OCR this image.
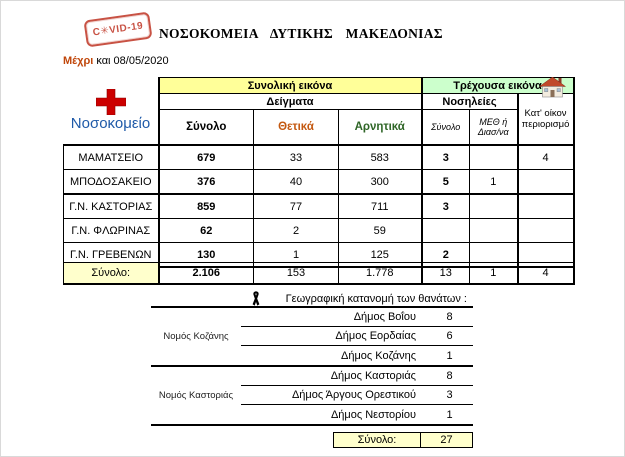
C✳VID-19 ΝΟΣΟΚΟΜΕΙΑ ΔΥΤΙΚΗΣ ΜΑΚΕΔΟΝΙΑΣ
Μέχρι και 08/05/2020
Νοσοκομείο	Συνολική εικόνα			Τρέχουσα εικόνα		
	Δείγματα			Νοσηλείες		Κατ' οίκον περιορισμό
	Σύνολο	Θετικά	Αρνητικά	Σύνολο	ΜΕΘ ή Διασ/να	
ΜΑΜΑΤΣΕΙΟ	679	33	583	3		4
ΜΠΟΔΟΣΑΚΕΙΟ	376	40	300	5	1	
Γ.Ν. ΚΑΣΤΟΡΙΑΣ	859	77	711	3		
Γ.Ν. ΦΛΩΡΙΝΑΣ	62	2	59			
Γ.Ν. ΓΡΕΒΕΝΩΝ	130	1	125	2		
Σύνολο:	2.106	153	1.778	13	1	4
Γεωγραφική κατανομή των θανάτων :
Νομός Κοζάνης
Δήμος Βοΐου	8
Δήμος Εορδαίας	6
Δήμος Κοζάνης	1
Νομός Καστοριάς
Δήμος Καστοριάς	8
Δήμος Άργους Ορεστικού	3
Δήμος Νεστορίου	1
Σύνολο:	27
